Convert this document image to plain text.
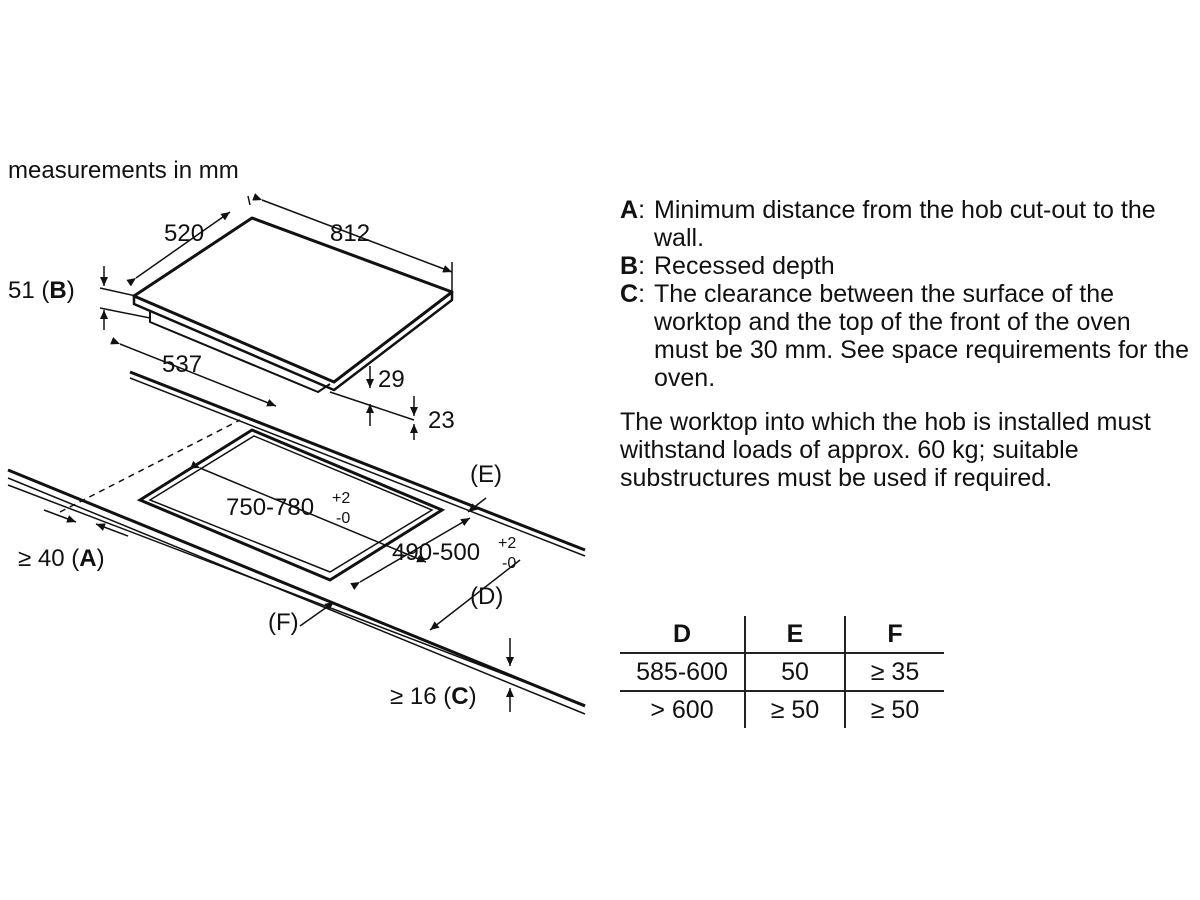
measurements in mm
520	812
51 (B)
537
29
23
750-780 +2
-0
490-500 +2
-0
≥ 40 (A)
(E)
(D)
(F)
≥ 16 (C)
A : Minimum distance from the hob cut-out to the wall.
B : Recessed depth
C : The clearance between the surface of the worktop and the top of the front of the oven must be 30 mm. See space requirements for the oven.
The worktop into which the hob is installed must withstand loads of approx. 60 kg; suitable substructures must be used if required.
D	E	F
585-600	50	≥ 35
> 600	≥ 50	≥ 50
